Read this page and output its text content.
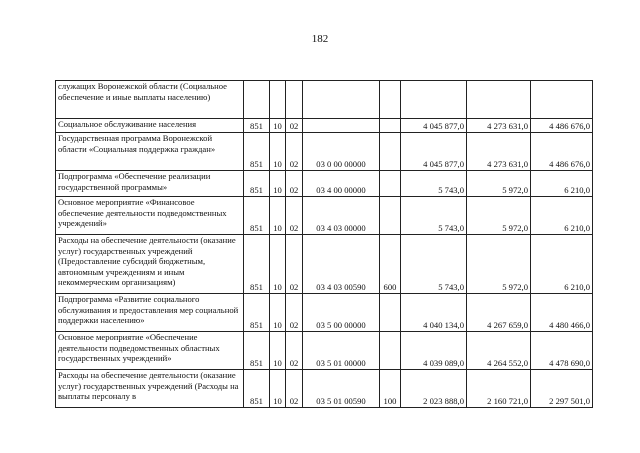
182
служащих Воронежской области (Социальное обеспечение и иные выплаты населению)								
Социальное обслуживание населения	851	10	02			4 045 877,0	4 273 631,0	4 486 676,0
Государственная программа Воронежской области «Социальная поддержка граждан»	851	10	02	03 0 00 00000		4 045 877,0	4 273 631,0	4 486 676,0
Подпрограмма «Обеспечение реализации государственной программы»	851	10	02	03 4 00 00000		5 743,0	5 972,0	6 210,0
Основное мероприятие «Финансовое обеспечение деятельности подведомственных учреждений»	851	10	02	03 4 03 00000		5 743,0	5 972,0	6 210,0
Расходы на обеспечение деятельности (оказание услуг) государственных учреждений (Предоставление субсидий бюджетным, автономным учреждениям и иным некоммерческим организациям)	851	10	02	03 4 03 00590	600	5 743,0	5 972,0	6 210,0
Подпрограмма «Развитие социального обслуживания и предоставления мер социальной поддержки населению»	851	10	02	03 5 00 00000		4 040 134,0	4 267 659,0	4 480 466,0
Основное мероприятие «Обеспечение деятельности подведомственных областных государственных учреждений»	851	10	02	03 5 01 00000		4 039 089,0	4 264 552,0	4 478 690,0
Расходы на обеспечение деятельности (оказание услуг) государственных учреждений (Расходы на выплаты персоналу в	851	10	02	03 5 01 00590	100	2 023 888,0	2 160 721,0	2 297 501,0
